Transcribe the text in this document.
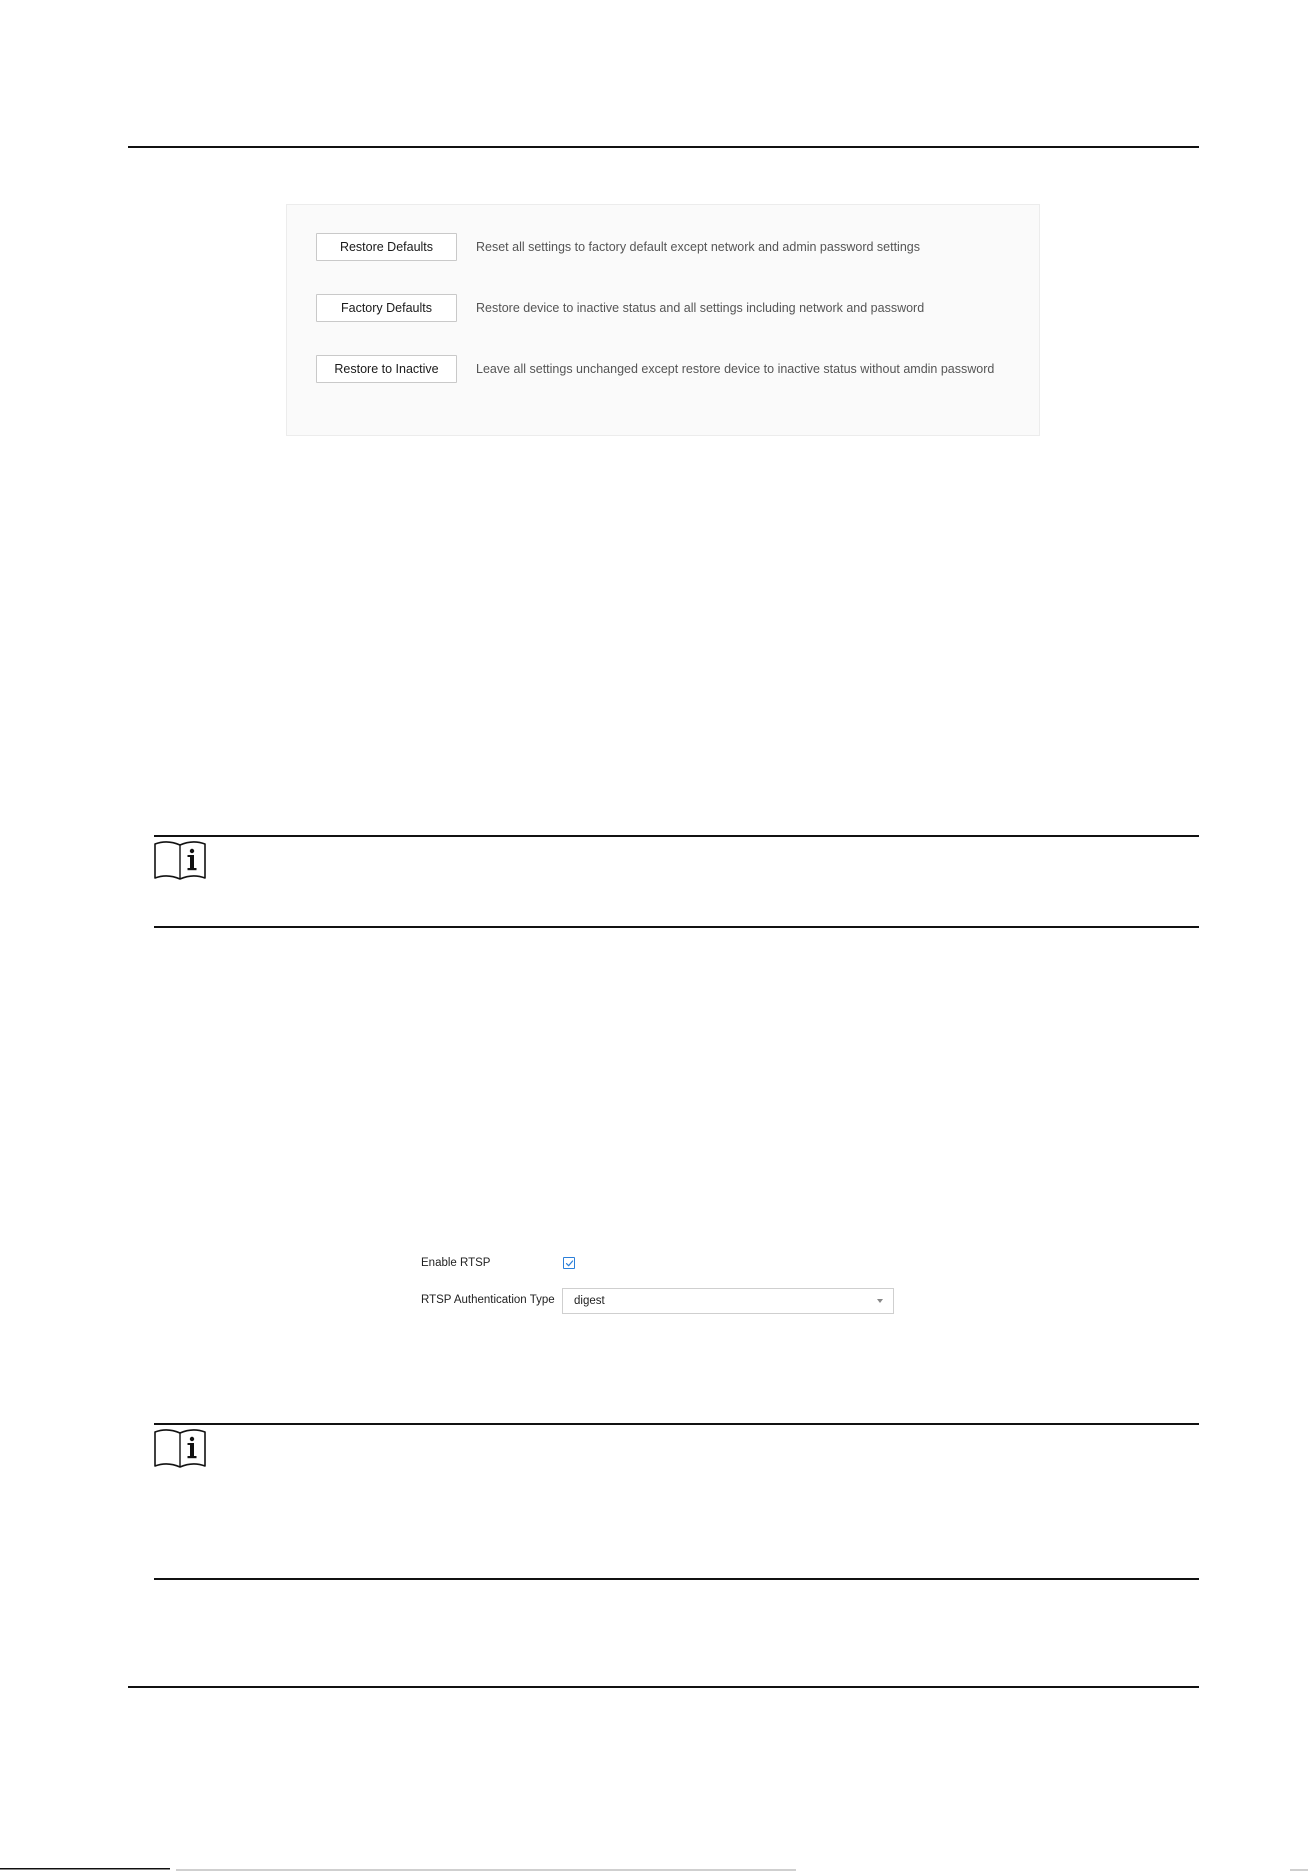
Restore Defaults	Reset all settings to factory default except network and admin password settings
Factory Defaults	Restore device to inactive status and all settings including network and password
Restore to Inactive	Leave all settings unchanged except restore device to inactive status without amdin password
Enable RTSP
RTSP Authentication Type digest
